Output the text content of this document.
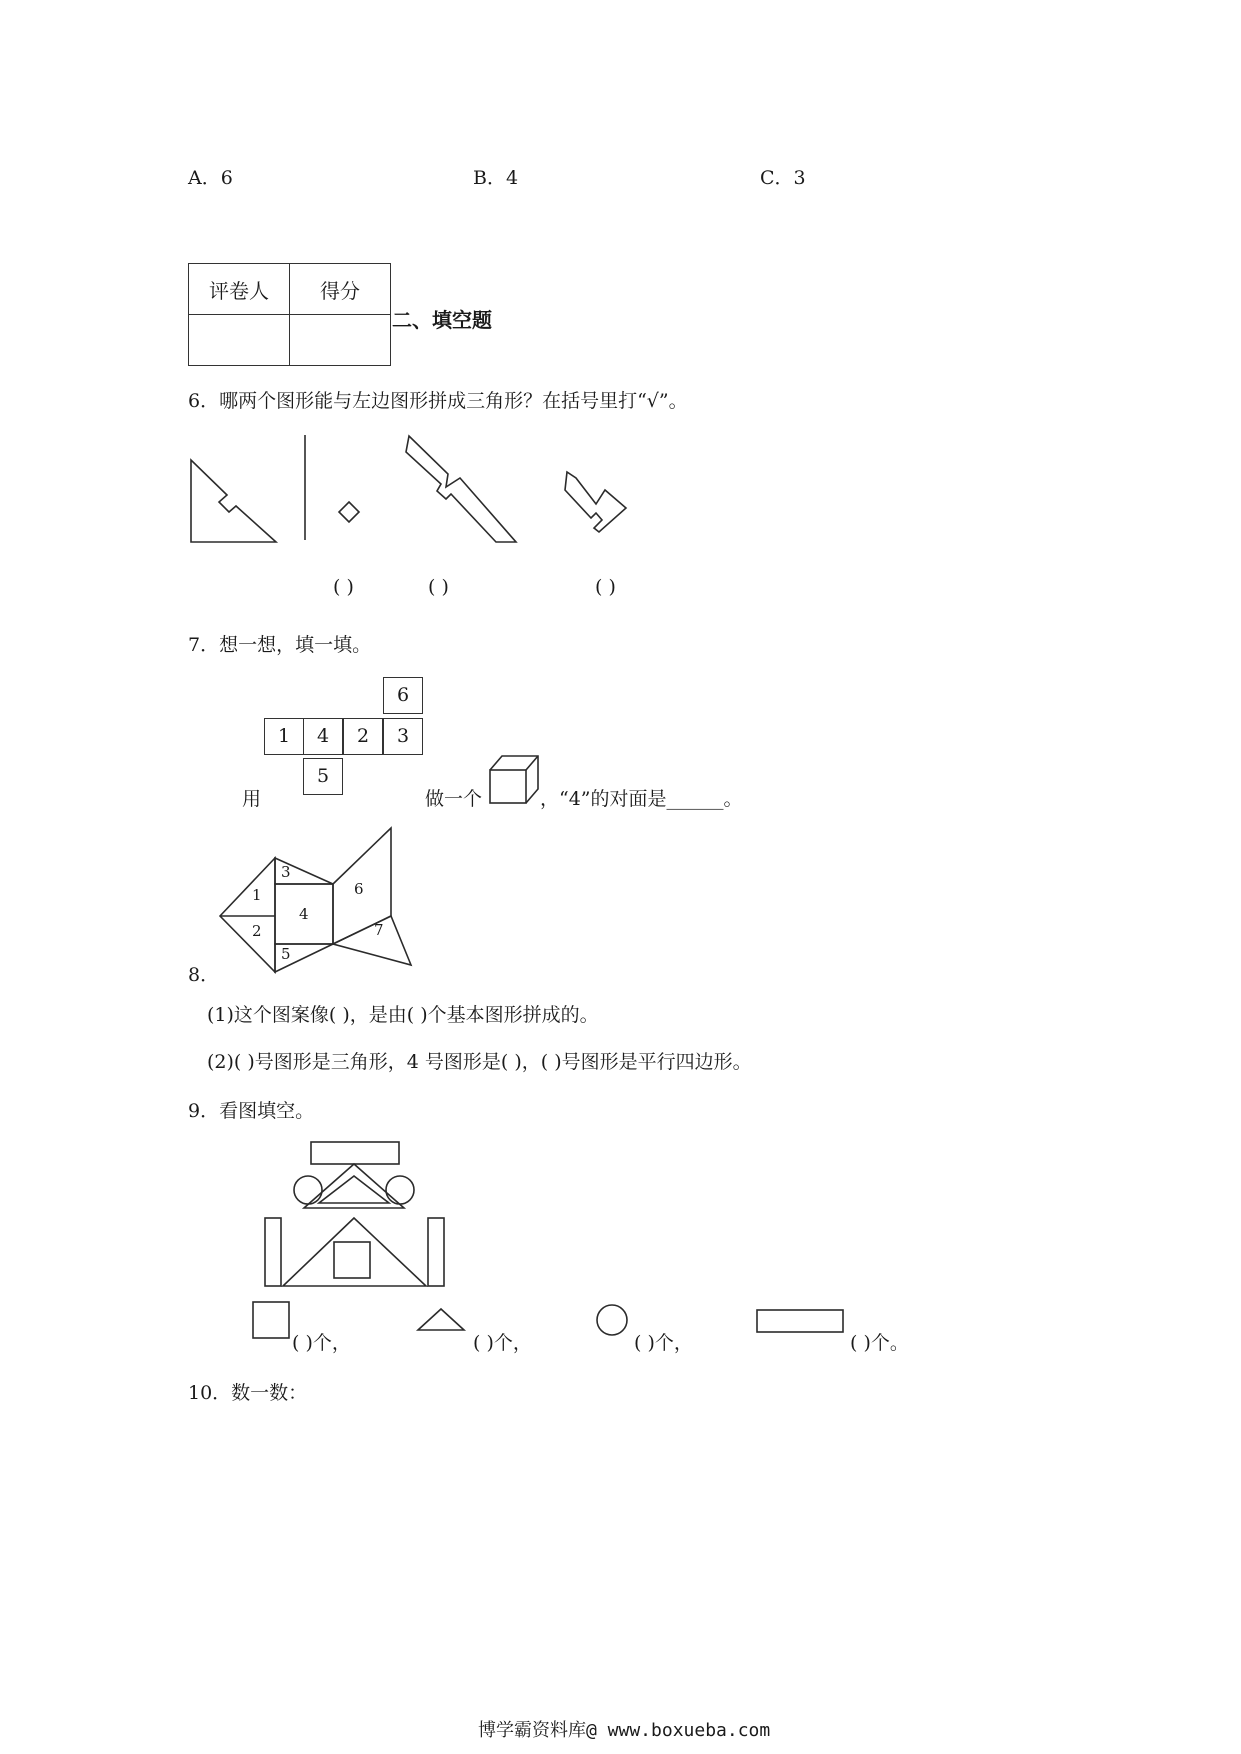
A．6	B．4	C．3
评卷人	得分

二、填空题
6．哪两个图形能与左边图形拼成三角形？在括号里打“√”。
( )	( )	( )
7．想一想，填一填。
6
1	4	2	3
5
用	做一个	，“4”的对面是______。
1
2
3
4
5
6
7
8．
(1)这个图案像( )，是由( )个基本图形拼成的。
(2)( )号图形是三角形，4 号图形是( )，( )号图形是平行四边形。
9．看图填空。
( )个，	( )个，	( )个，	( )个。
10．数一数：
博学霸资料库@ www.boxueba.com
